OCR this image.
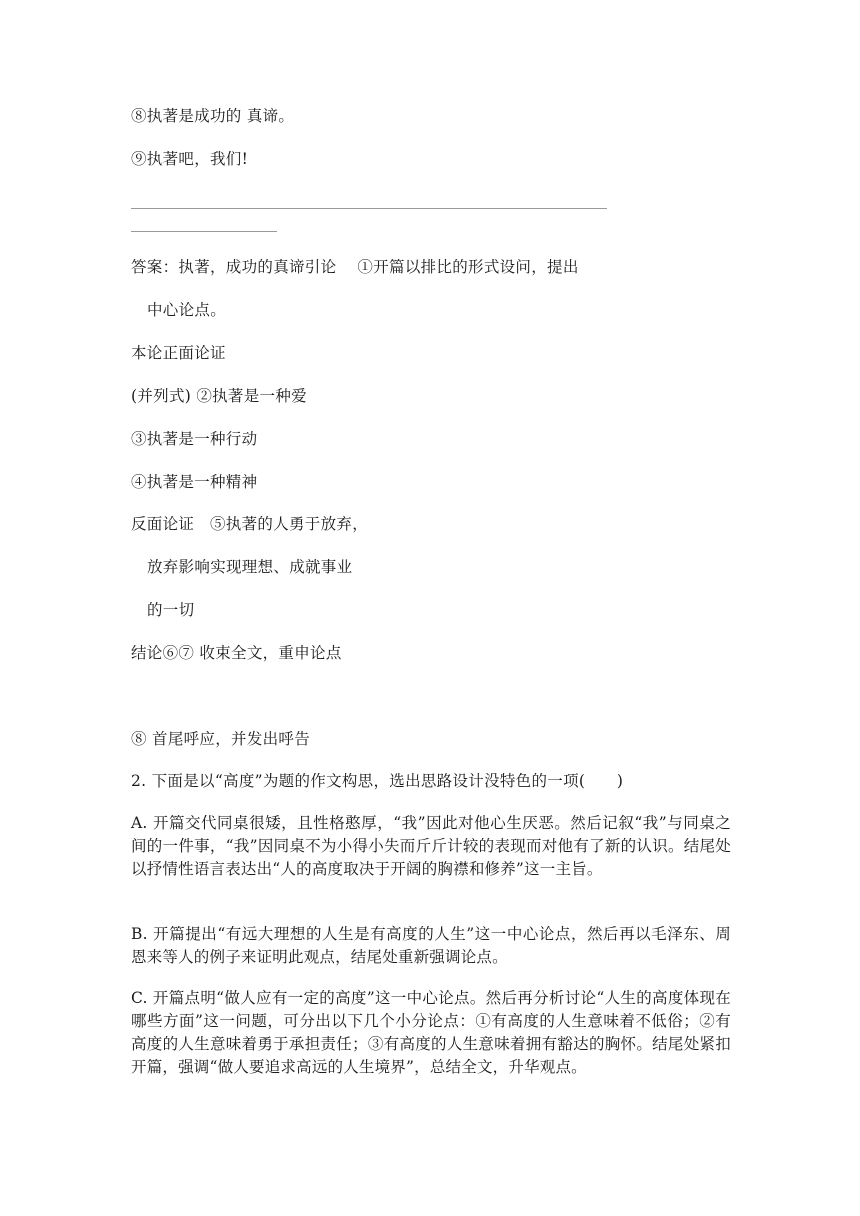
⑧执著是成功的 真谛。
⑨执著吧，我们!
答案：执著，成功的真谛引论　 ①开篇以排比的形式设问，提出
中心论点。
本论正面论证
(并列式) ②执著是一种爱
③执著是一种行动
④执著是一种精神
反面论证　⑤执著的人勇于放弃，
放弃影响实现理想、成就事业
的一切
结论⑥⑦ 收束全文，重申论点
⑧ 首尾呼应，并发出呼告
2. 下面是以“高度”为题的作文构思，选出思路设计没特色的一项(　　)
A. 开篇交代同桌很矮，且性格憨厚，“我”因此对他心生厌恶。然后记叙“我”与同桌之间的一件事，“我”因同桌不为小得小失而斤斤计较的表现而对他有了新的认识。结尾处以抒情性语言表达出“人的高度取决于开阔的胸襟和修养”这一主旨。
B. 开篇提出“有远大理想的人生是有高度的人生”这一中心论点，然后再以毛泽东、周恩来等人的例子来证明此观点，结尾处重新强调论点。
C. 开篇点明“做人应有一定的高度”这一中心论点。然后再分析讨论“人生的高度体现在哪些方面”这一问题，可分出以下几个小分论点：①有高度的人生意味着不低俗；②有高度的人生意味着勇于承担责任；③有高度的人生意味着拥有豁达的胸怀。结尾处紧扣开篇，强调“做人要追求高远的人生境界”，总结全文，升华观点。
